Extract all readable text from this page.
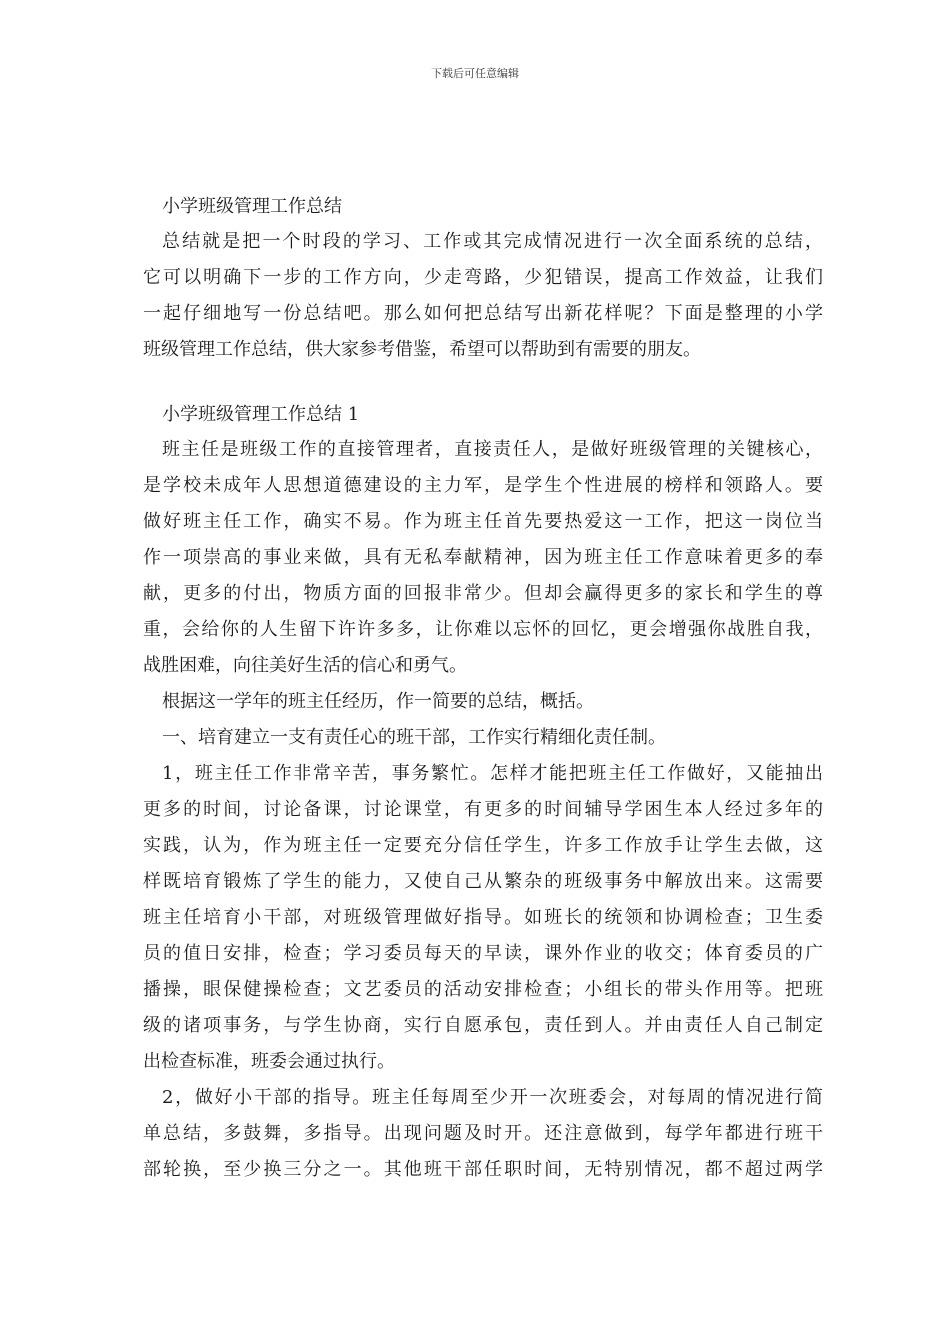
下载后可任意编辑
小学班级管理工作总结
总结就是把一个时段的学习、工作或其完成情况进行一次全面系统的总结，
它可以明确下一步的工作方向，少走弯路，少犯错误，提高工作效益，让我们
一起仔细地写一份总结吧。那么如何把总结写出新花样呢？下面是整理的小学
班级管理工作总结，供大家参考借鉴，希望可以帮助到有需要的朋友。
小学班级管理工作总结 1
班主任是班级工作的直接管理者，直接责任人，是做好班级管理的关键核心，
是学校未成年人思想道德建设的主力军，是学生个性进展的榜样和领路人。要
做好班主任工作，确实不易。作为班主任首先要热爱这一工作，把这一岗位当
作一项崇高的事业来做，具有无私奉献精神，因为班主任工作意味着更多的奉
献，更多的付出，物质方面的回报非常少。但却会赢得更多的家长和学生的尊
重，会给你的人生留下许许多多，让你难以忘怀的回忆，更会增强你战胜自我，
战胜困难，向往美好生活的信心和勇气。
根据这一学年的班主任经历，作一简要的总结，概括。
一、培育建立一支有责任心的班干部，工作实行精细化责任制。
1，班主任工作非常辛苦，事务繁忙。怎样才能把班主任工作做好，又能抽出
更多的时间，讨论备课，讨论课堂，有更多的时间辅导学困生本人经过多年的
实践，认为，作为班主任一定要充分信任学生，许多工作放手让学生去做，这
样既培育锻炼了学生的能力，又使自己从繁杂的班级事务中解放出来。这需要
班主任培育小干部，对班级管理做好指导。如班长的统领和协调检查；卫生委
员的值日安排，检查；学习委员每天的早读，课外作业的收交；体育委员的广
播操，眼保健操检查；文艺委员的活动安排检查；小组长的带头作用等。把班
级的诸项事务，与学生协商，实行自愿承包，责任到人。并由责任人自己制定
出检查标准，班委会通过执行。
2，做好小干部的指导。班主任每周至少开一次班委会，对每周的情况进行简
单总结，多鼓舞，多指导。出现问题及时开。还注意做到，每学年都进行班干
部轮换，至少换三分之一。其他班干部任职时间，无特别情况，都不超过两学
